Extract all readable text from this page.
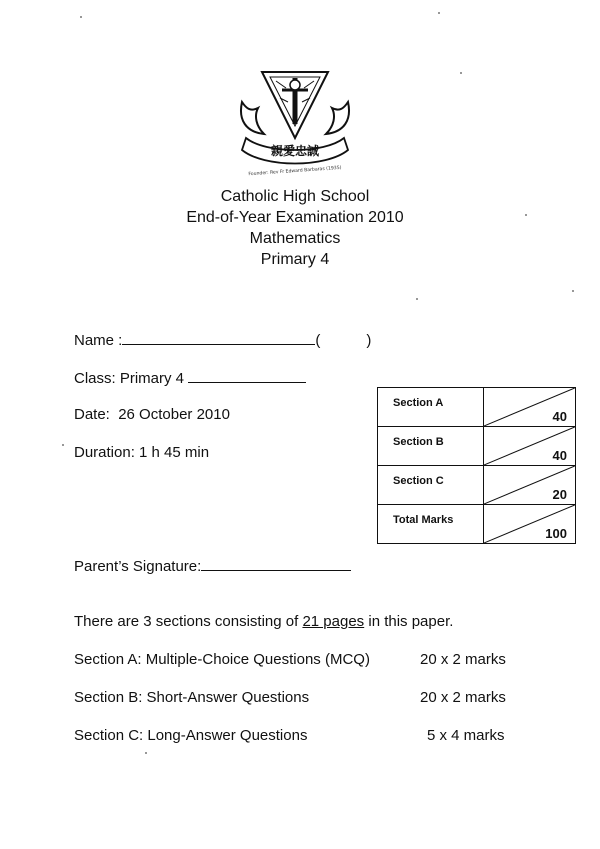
親愛忠誠
Founder: Rev Fr Edward Barbaras (1935)
Catholic High School
End-of-Year Examination 2010
Mathematics
Primary 4
Name :	(	)
Class: Primary 4
Date: 26 October 2010
Duration: 1 h 45 min
Parent’s Signature:
Section A	40

Section B	40

Section C	20

Total Marks	100
There are 3 sections consisting of 21 pages in this paper.
Section A: Multiple-Choice Questions (MCQ)	20 x 2 marks
Section B: Short-Answer Questions	20 x 2 marks
Section C: Long-Answer Questions	5 x 4 marks
